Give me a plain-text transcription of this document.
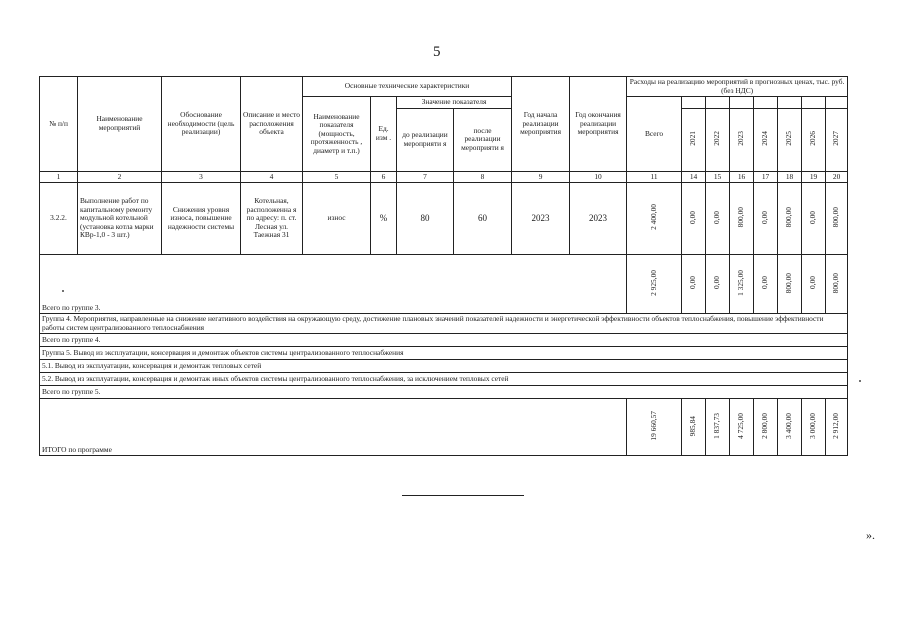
5
№ п/п	Наименование мероприятий	Обоснование необходимости (цель реализации)	Описание и место расположения объекта	Основные технические характеристики				Год начала реализации мероприятия	Год окончания реализации мероприятия	Расходы на реализацию мероприятий в прогнозных ценах, тыс. руб. (без НДС)							
				Наименование показателя (мощность, протяженность , диаметр и т.п.)	Ед. изм .	Значение показателя				Всего							
						до реализации мероприяти я	после реализации мероприяти я				2021	2022	2023	2024	2025	2026	2027
1	2	3	4	5	6	7	8	9	10	11	14	15	16	17	18	19	20
3.2.2.	Выполнение работ по капитальному ремонту модульной котельной (установка котла марки КВр-1,0 - 3 шт.)	Снижения уровня износа, повышение надежности системы	Котельная, расположенна я по адресу: п. ст. Лесная ул. Таежная 31	износ	%	80	60	2023	2023	2 400,00	0,00	0,00	800,00	0,00	800,00	0,00	800,00
Всего по группе 3.										2 925,00	0,00	0,00	1 325,00	0,00	800,00	0,00	800,00
Группа 4. Мероприятия, направленные на снижение негативного воздействия на окружающую среду, достижение плановых значений показателей надежности и энергетической эффективности объектов теплоснабжения, повышение эффективности работы систем централизованного теплоснабжения																	
Всего по группе 4.																	
Группа 5. Вывод из эксплуатации, консервация и демонтаж объектов системы централизованного теплоснабжения																	
5.1. Вывод из эксплуатации, консервация и демонтаж тепловых сетей																	
5.2. Вывод из эксплуатации, консервация и демонтаж иных объектов системы централизованного теплоснабжения, за исключением тепловых сетей																	
Всего по группе 5.																	
ИТОГО по программе										19 660,57	985,84	1 837,73	4 725,00	2 800,00	3 400,00	3 000,00	2 912,00
».
